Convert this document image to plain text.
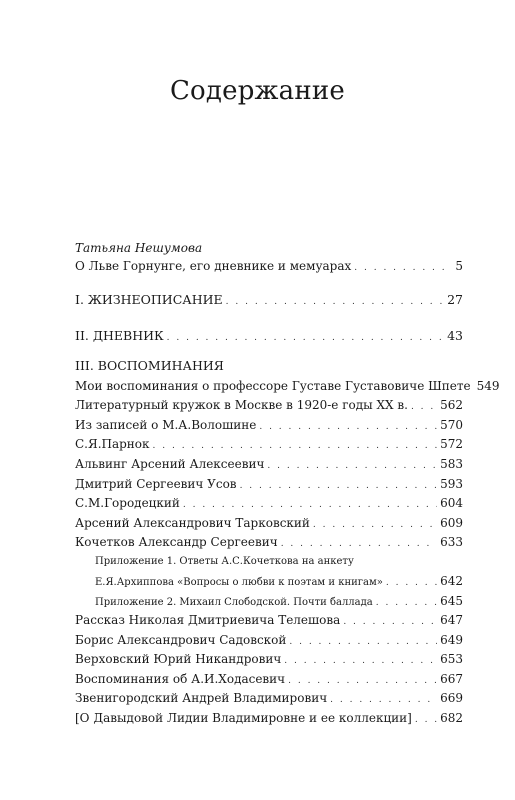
Содержание
Татьяна Нешумова
О Льве Горнунге, его дневнике и мемуарах . . .	5
I. ЖИЗНЕОПИСАНИЕ . . .	27
II. ДНЕВНИК . . .	43
III. ВОСПОМИНАНИЯ
Мои воспоминания о профессоре Густаве Густавовиче Шпете 549
Литературный кружок в Москве в 1920-е годы XX в. . . .	562
Из записей о М.А.Волошине . . .	570
С.Я.Парнок . . .	572
Альвинг Арсений Алексеевич . . .	583
Дмитрий Сергеевич Усов . . .	593
С.М.Городецкий . . .	604
Арсений Александрович Тарковский . . .	609
Кочетков Александр Сергеевич . . .	633
Приложение 1. Ответы А.С.Кочеткова на анкету
Е.Я.Архиппова «Вопросы о любви к поэтам и книгам» . . .	642
Приложение 2. Михаил Слободской. Почти баллада . . .	645
Рассказ Николая Дмитриевича Телешова . . .	647
Борис Александрович Садовской . . .	649
Верховский Юрий Никандрович . . .	653
Воспоминания об А.И.Ходасевич . . .	667
Звенигородский Андрей Владимирович . . .	669
[О Давыдовой Лидии Владимировне и ее коллекции] . . . 682
